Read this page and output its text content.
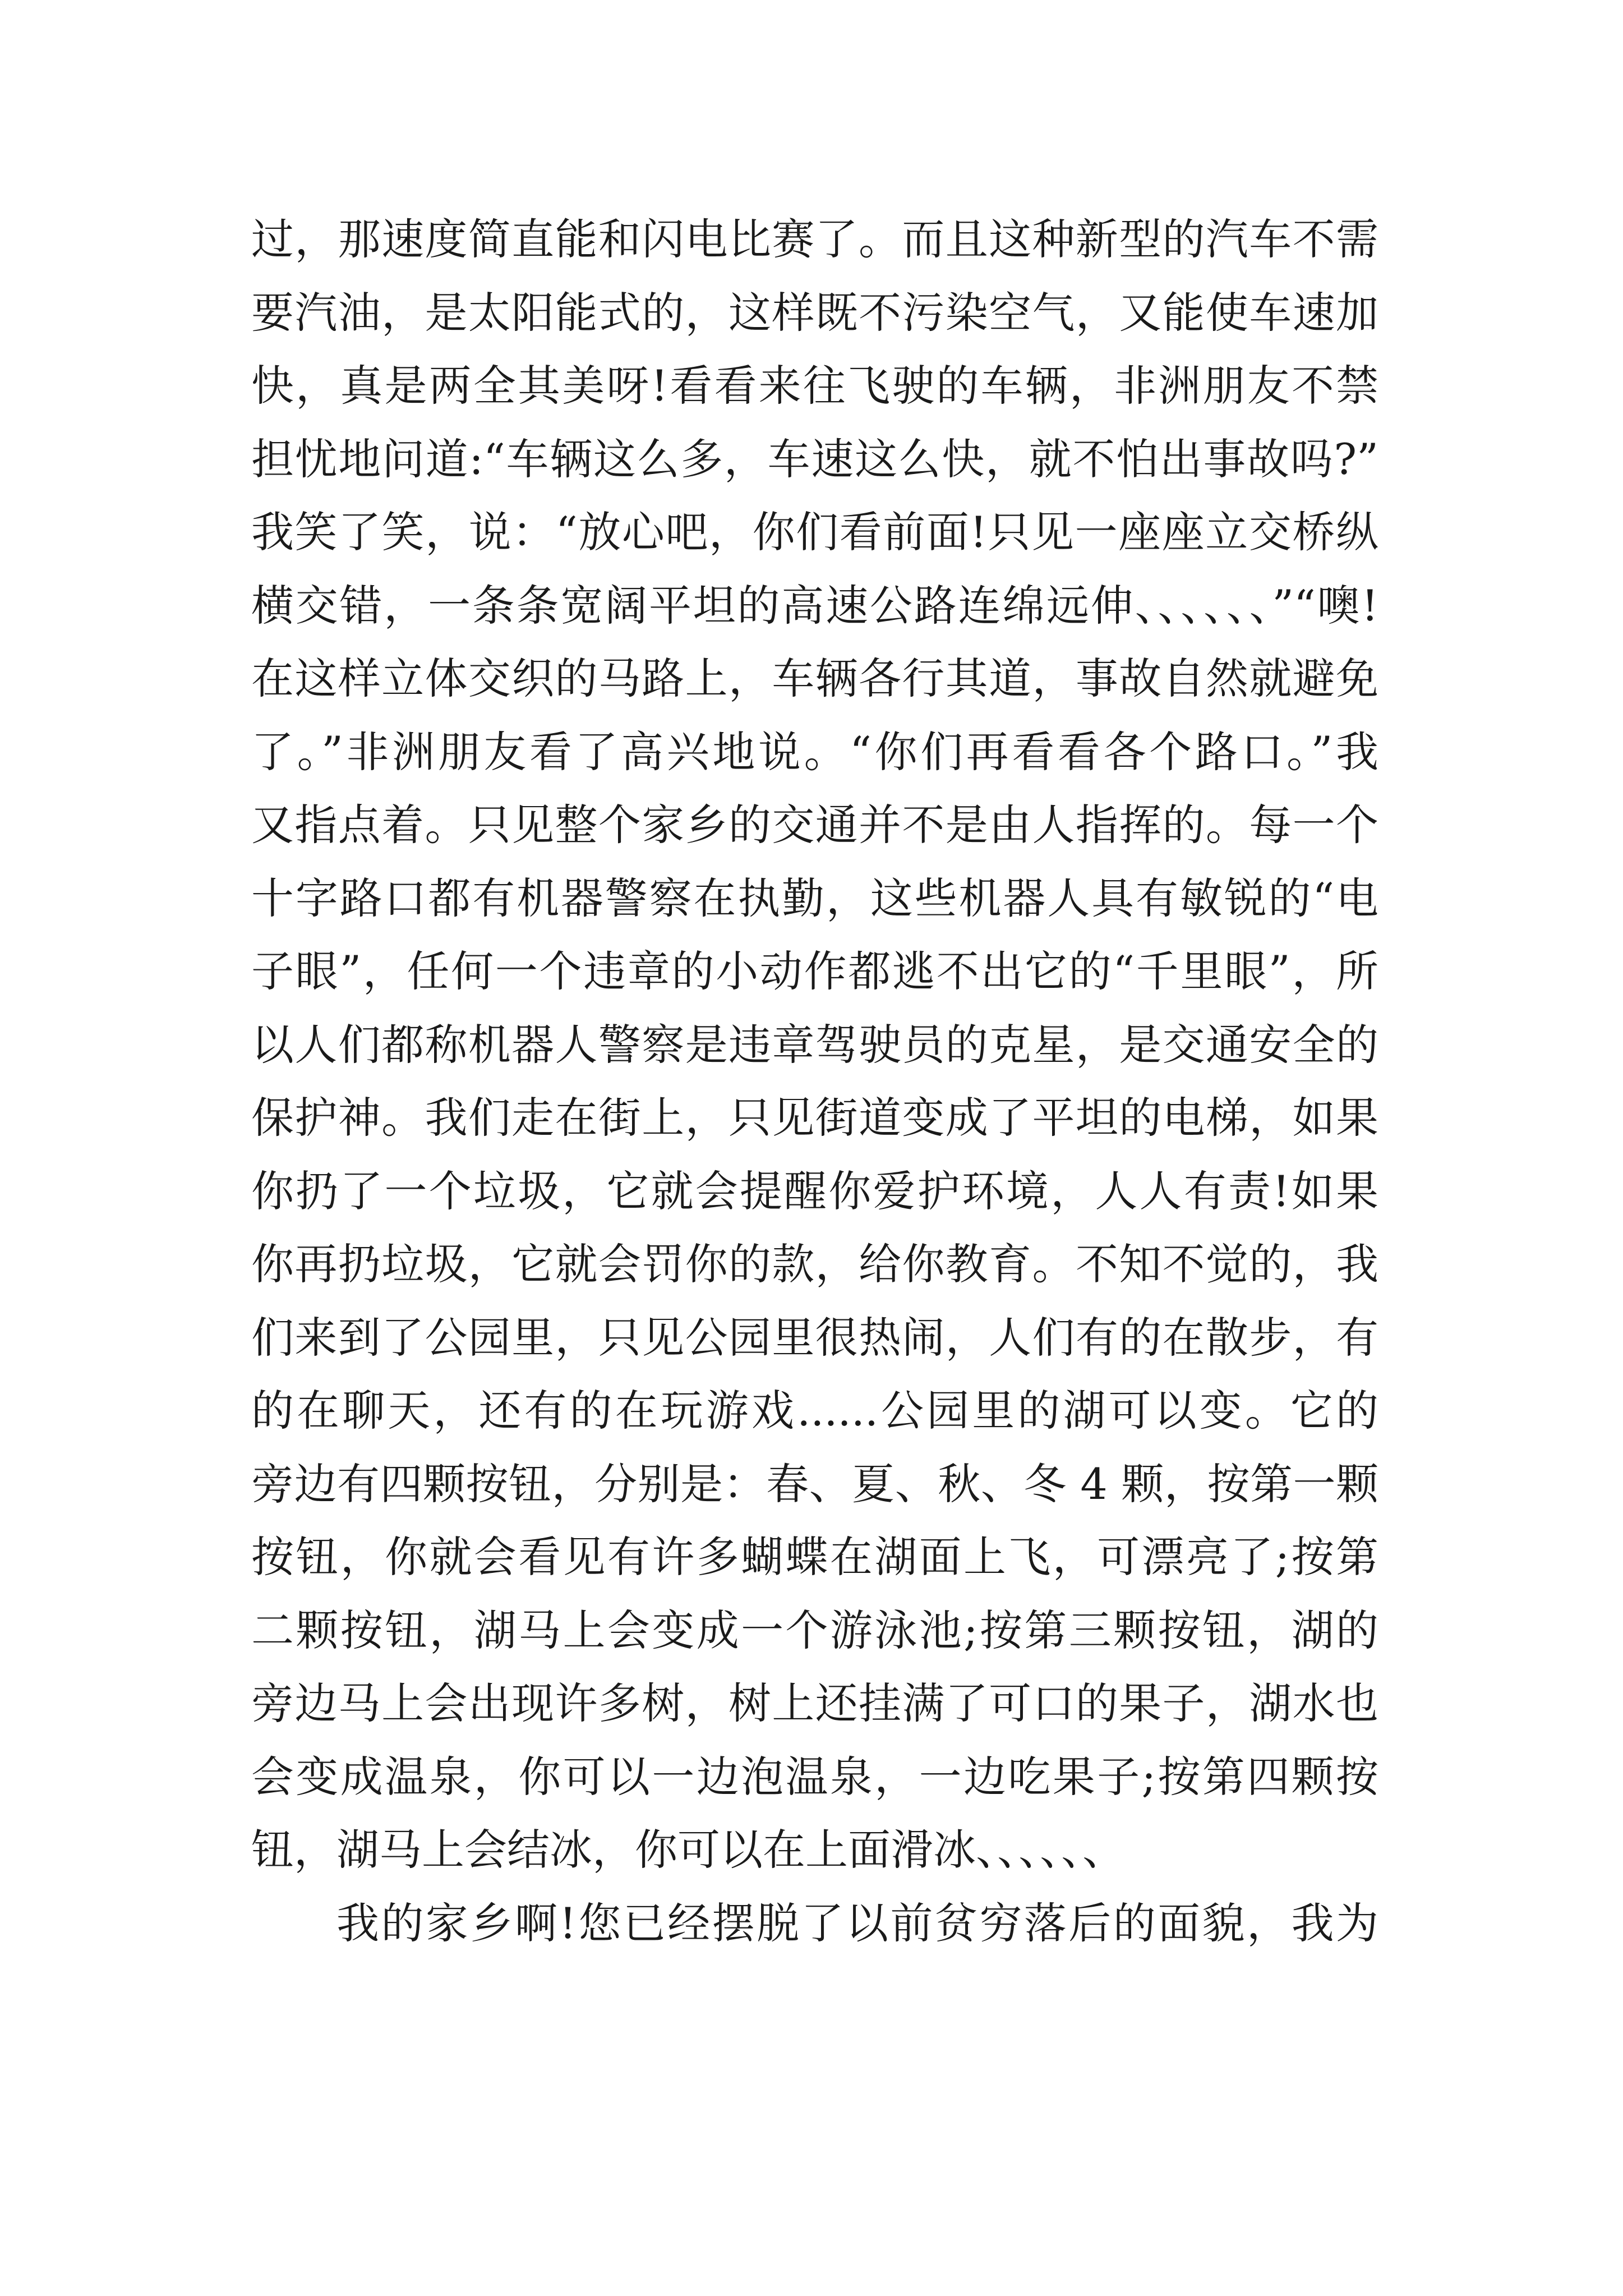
过，那速度简直能和闪电比赛了。而且这种新型的汽车不需
要汽油，是太阳能式的，这样既不污染空气，又能使车速加
快，真是两全其美呀!看看来往飞驶的车辆，非洲朋友不禁
担忧地问道:“车辆这么多，车速这么快，就不怕出事故吗?”
我笑了笑，说：“放心吧，你们看前面!只见一座座立交桥纵
横交错，一条条宽阔平坦的高速公路连绵远伸、、、、、、”“噢!
在这样立体交织的马路上，车辆各行其道，事故自然就避免
了。”非洲朋友看了高兴地说。“你们再看看各个路口。”我
又指点着。只见整个家乡的交通并不是由人指挥的。每一个
十字路口都有机器警察在执勤，这些机器人具有敏锐的“电
子眼”，任何一个违章的小动作都逃不出它的“千里眼”，所
以人们都称机器人警察是违章驾驶员的克星，是交通安全的
保护神。我们走在街上，只见街道变成了平坦的电梯，如果
你扔了一个垃圾，它就会提醒你爱护环境，人人有责!如果
你再扔垃圾，它就会罚你的款，给你教育。不知不觉的，我
们来到了公园里，只见公园里很热闹，人们有的在散步，有
的在聊天，还有的在玩游戏......公园里的湖可以变。它的
旁边有四颗按钮，分别是：春、夏、秋、冬 4 颗，按第一颗
按钮，你就会看见有许多蝴蝶在湖面上飞，可漂亮了;按第
二颗按钮，湖马上会变成一个游泳池;按第三颗按钮，湖的
旁边马上会出现许多树，树上还挂满了可口的果子，湖水也
会变成温泉，你可以一边泡温泉，一边吃果子;按第四颗按
钮，湖马上会结冰，你可以在上面滑冰、、、、、、
我的家乡啊!您已经摆脱了以前贫穷落后的面貌，我为
